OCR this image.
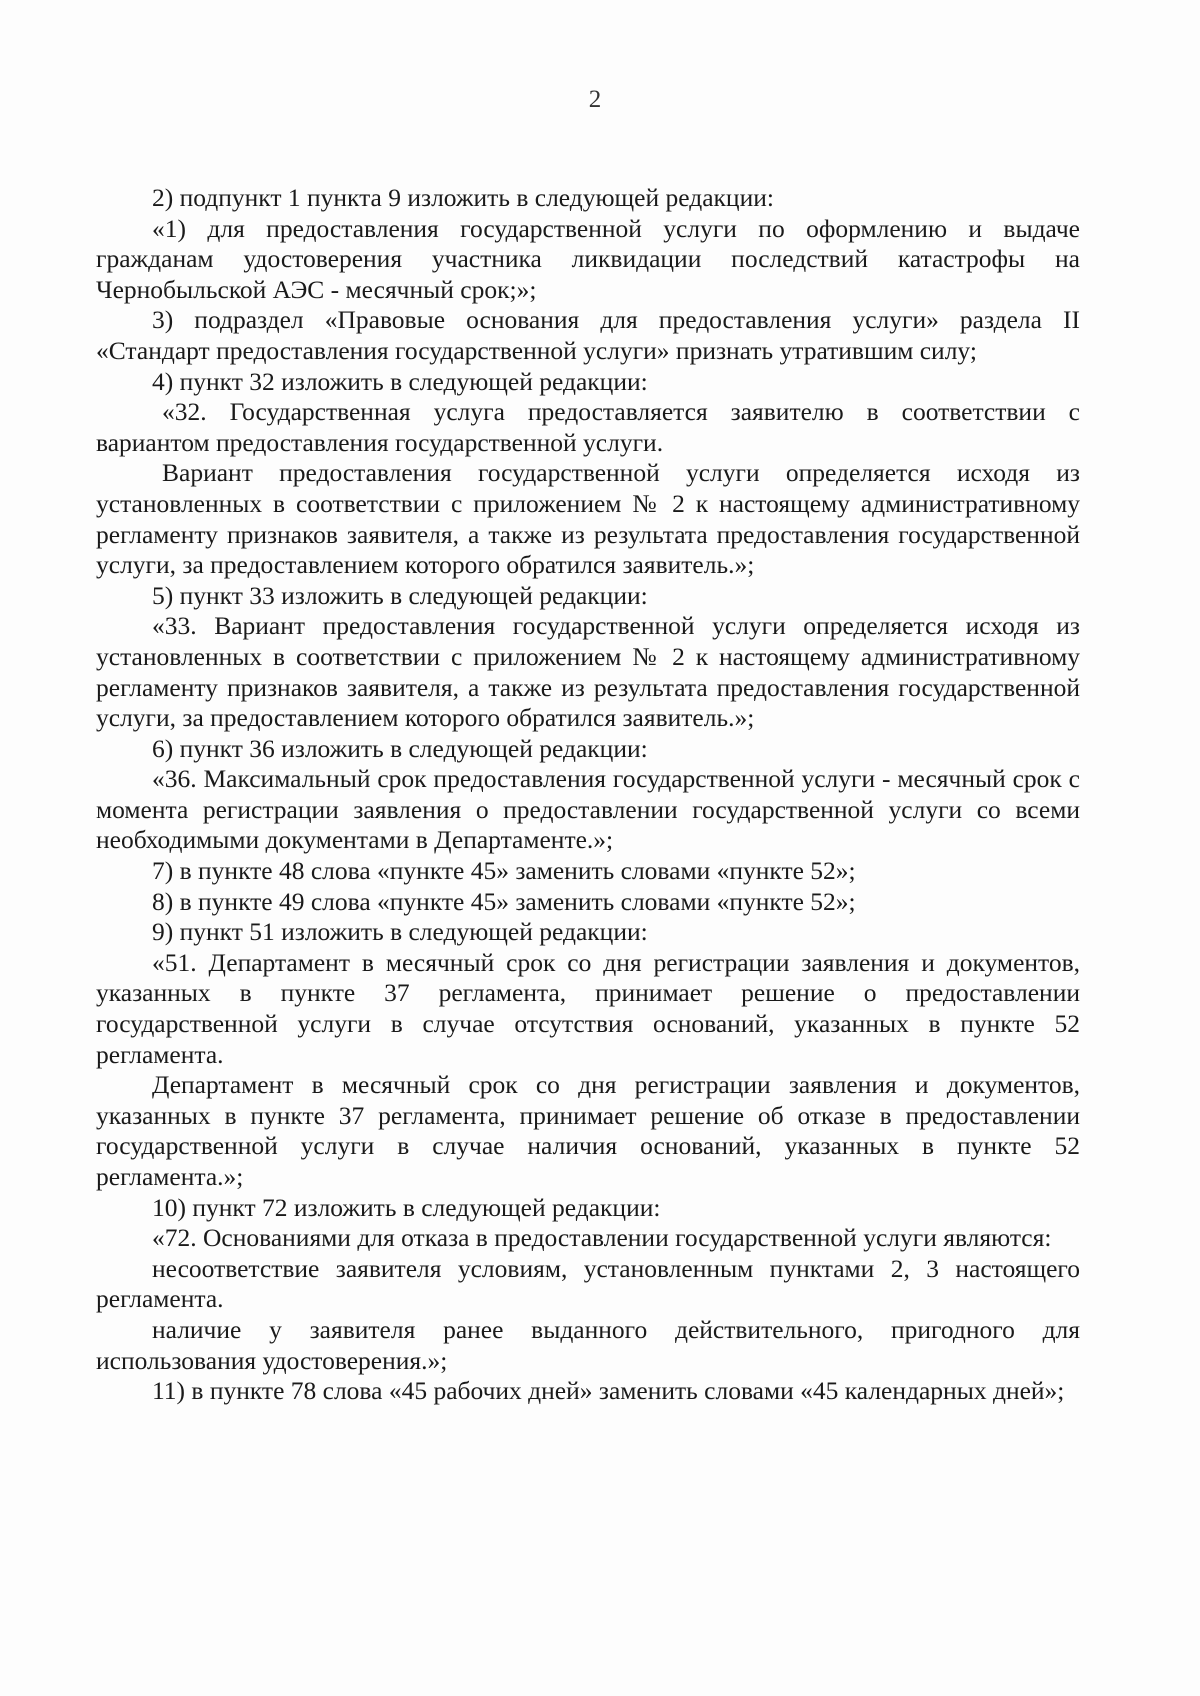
2

2) подпункт 1 пункта 9 изложить в следующей редакции:

«1) для предоставления государственной услуги по оформлению и выдаче гражданам удостоверения участника ликвидации последствий катастрофы на Чернобыльской АЭС - месячный срок;»;

3) подраздел «Правовые основания для предоставления услуги» раздела II «Стандарт предоставления государственной услуги» признать утратившим силу;

4) пункт 32 изложить в следующей редакции:

«32. Государственная услуга предоставляется заявителю в соответствии с вариантом предоставления государственной услуги.

Вариант предоставления государственной услуги определяется исходя из установленных в соответствии с приложением № 2 к настоящему административному регламенту признаков заявителя, а также из результата предоставления государственной услуги, за предоставлением которого обратился заявитель.»;

5) пункт 33 изложить в следующей редакции:

«33. Вариант предоставления государственной услуги определяется исходя из установленных в соответствии с приложением № 2 к настоящему административному регламенту признаков заявителя, а также из результата предоставления государственной услуги, за предоставлением которого обратился заявитель.»;

6) пункт 36 изложить в следующей редакции:

«36. Максимальный срок предоставления государственной услуги - месячный срок с момента регистрации заявления о предоставлении государственной услуги со всеми необходимыми документами в Департаменте.»;

7) в пункте 48 слова «пункте 45» заменить словами «пункте 52»;

8) в пункте 49 слова «пункте 45» заменить словами «пункте 52»;

9) пункт 51 изложить в следующей редакции:

«51. Департамент в месячный срок со дня регистрации заявления и документов, указанных в пункте 37 регламента, принимает решение о предоставлении государственной услуги в случае отсутствия оснований, указанных в пункте 52 регламента.

Департамент в месячный срок со дня регистрации заявления и документов, указанных в пункте 37 регламента, принимает решение об отказе в предоставлении государственной услуги в случае наличия оснований, указанных в пункте 52 регламента.»;

10) пункт 72 изложить в следующей редакции:

«72. Основаниями для отказа в предоставлении государственной услуги являются:

несоответствие заявителя условиям, установленным пунктами 2, 3 настоящего регламента.

наличие у заявителя ранее выданного действительного, пригодного для использования удостоверения.»;

11) в пункте 78 слова «45 рабочих дней» заменить словами «45 календарных дней»;
